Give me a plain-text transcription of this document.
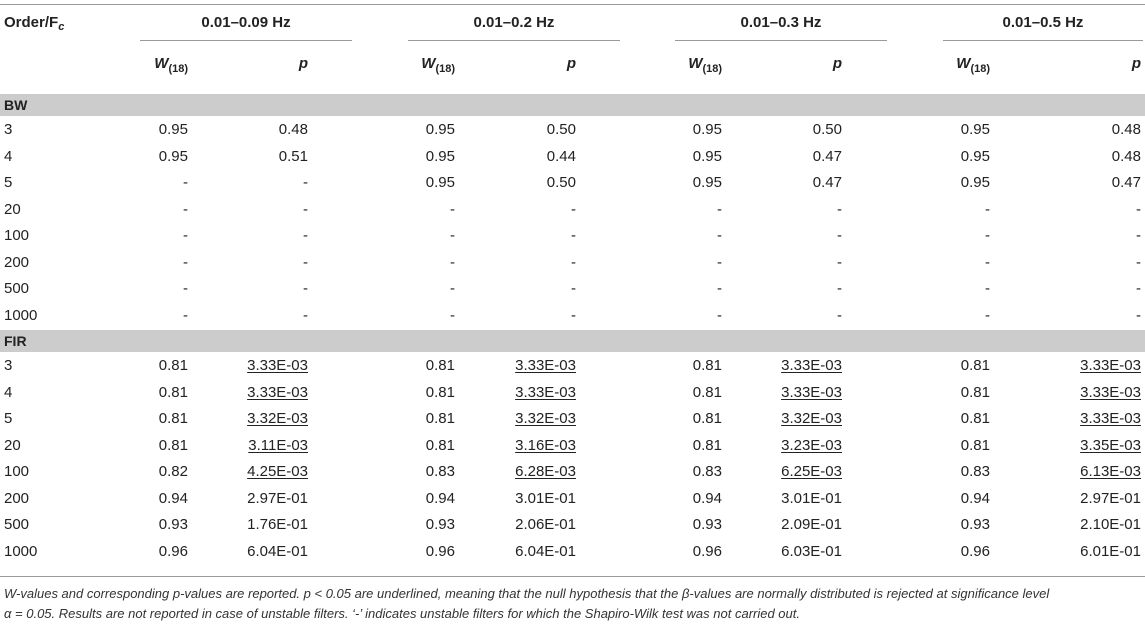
Order/$F_c$	0.01–0.09 Hz	0.01–0.2 Hz	0.01–0.3 Hz	0.01–0.5 Hz
$W_{(18)}$	p	$W_{(18)}$	p	$W_{(18)}$	p	$W_{(18)}$	p
BW
3	0.95	0.48	0.95	0.50	0.95	0.50	0.95	0.48
4	0.95	0.51	0.95	0.44	0.95	0.47	0.95	0.48
5	-	-	0.95	0.50	0.95	0.47	0.95	0.47
20	-	-	-	-	-	-	-	-
100	-	-	-	-	-	-	-	-
200	-	-	-	-	-	-	-	-
500	-	-	-	-	-	-	-	-
1000	-	-	-	-	-	-	-	-
FIR
3	0.81	3.33E-03	0.81	3.33E-03	0.81	3.33E-03	0.81	3.33E-03
4	0.81	3.33E-03	0.81	3.33E-03	0.81	3.33E-03	0.81	3.33E-03
5	0.81	3.32E-03	0.81	3.32E-03	0.81	3.32E-03	0.81	3.33E-03
20	0.81	3.11E-03	0.81	3.16E-03	0.81	3.23E-03	0.81	3.35E-03
100	0.82	4.25E-03	0.83	6.28E-03	0.83	6.25E-03	0.83	6.13E-03
200	0.94	2.97E-01	0.94	3.01E-01	0.94	3.01E-01	0.94	2.97E-01
500	0.93	1.76E-01	0.93	2.06E-01	0.93	2.09E-01	0.93	2.10E-01
1000	0.96	6.04E-01	0.96	6.04E-01	0.96	6.03E-01	0.96	6.01E-01
W-values and corresponding p-values are reported. p < 0.05 are underlined, meaning that the null hypothesis that the β-values are normally distributed is rejected at significance level
α = 0.05. Results are not reported in case of unstable filters. ‘-’ indicates unstable filters for which the Shapiro-Wilk test was not carried out.
